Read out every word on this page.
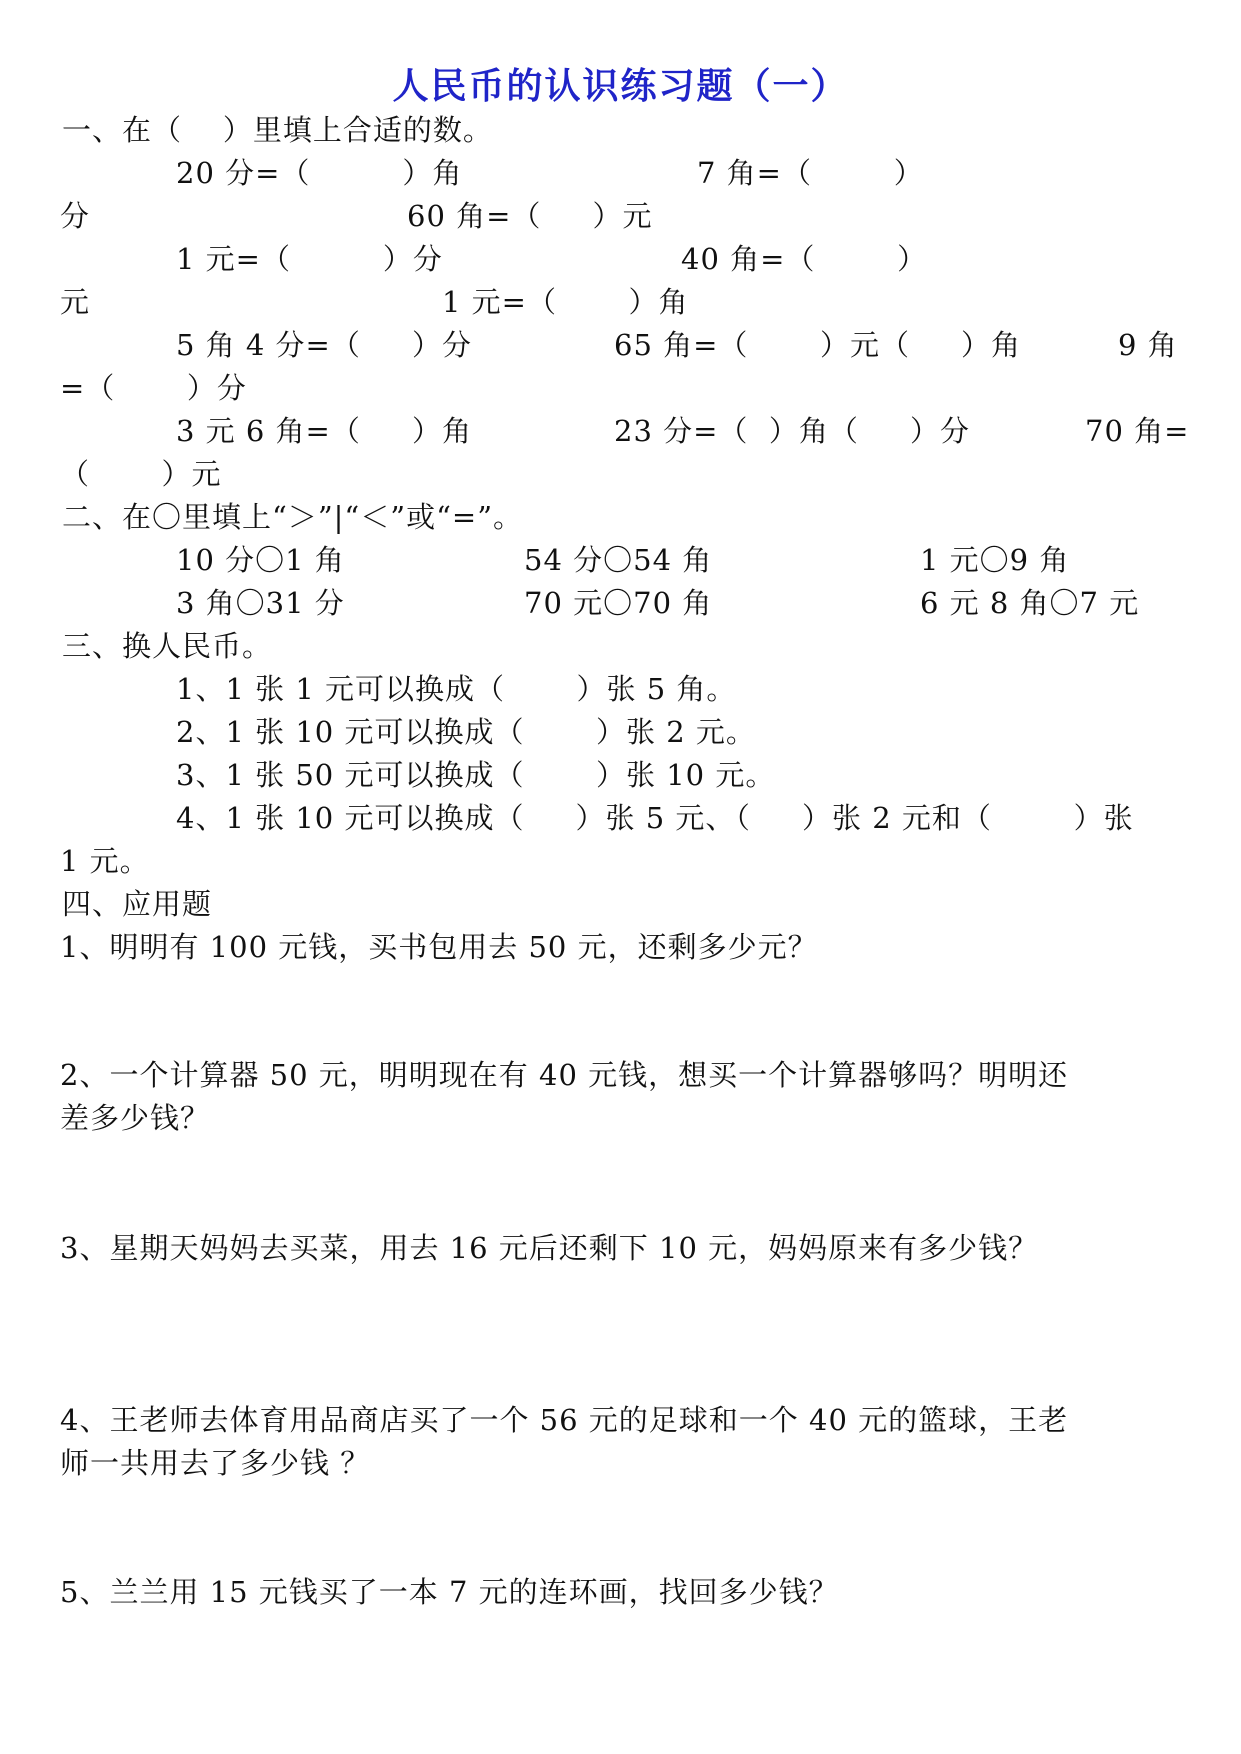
人民币的认识练习题（一）
一、在（    ）里填上合适的数。
20 分=（         ）角	7 角=（        ）
分	60 角=（     ）元
1 元=（         ）分	40 角=（        ）
元	1 元=（       ）角
5 角 4 分=（     ）分	65 角=（       ）元（     ）角	9 角
=（       ）分
3 元 6 角=（     ）角	23 分=（  ）角（     ）分	70 角=
（       ）元
二、在〇里填上“＞”|“＜”或“=”。
10 分〇1 角	54 分〇54 角	1 元〇9 角
3 角〇31 分	70 元〇70 角	6 元 8 角〇7 元
三、换人民币。
1、1 张 1 元可以换成（       ）张 5 角。
2、1 张 10 元可以换成（       ）张 2 元。
3、1 张 50 元可以换成（       ）张 10 元。
4、1 张 10 元可以换成（     ）张 5 元、（     ）张 2 元和（        ）张
1 元。
四、应用题
1、明明有 100 元钱，买书包用去 50 元，还剩多少元？
2、一个计算器 50 元，明明现在有 40 元钱，想买一个计算器够吗？明明还
差多少钱？
3、星期天妈妈去买菜，用去 16 元后还剩下 10 元，妈妈原来有多少钱？
4、王老师去体育用品商店买了一个 56 元的足球和一个 40 元的篮球，王老
师一共用去了多少钱 ？
5、兰兰用 15 元钱买了一本 7 元的连环画，找回多少钱？
